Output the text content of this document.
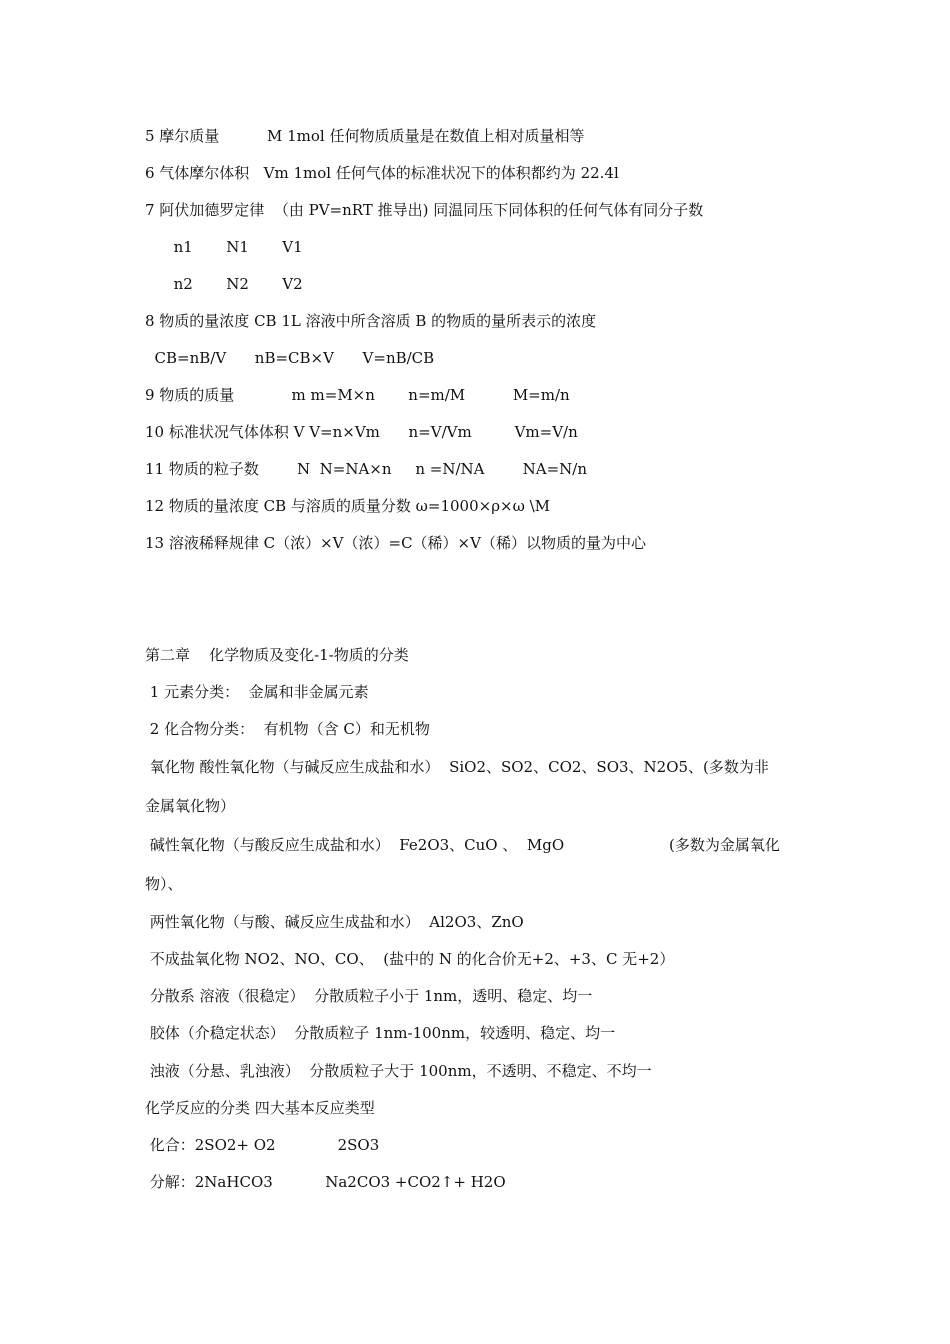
5 摩尔质量          M 1mol 任何物质质量是在数值上相对质量相等
6 气体摩尔体积   Vm 1mol 任何气体的标准状况下的体积都约为 22.4l
7 阿伏加德罗定律  （由 PV=nRT 推导出) 同温同压下同体积的任何气体有同分子数
n1       N1       V1
n2       N2       V2
8 物质的量浓度 CB 1L 溶液中所含溶质 B 的物质的量所表示的浓度
CB=nB/V      nB=CB×V      V=nB/CB
9 物质的质量            m m=M×n       n=m/M          M=m/n
10 标准状况气体体积 V V=n×Vm      n=V/Vm         Vm=V/n
11 物质的粒子数        N  N=NA×n     n =N/NA        NA=N/n
12 物质的量浓度 CB 与溶质的质量分数 ω=1000×ρ×ω \M
13 溶液稀释规律 C（浓）×V（浓）=C（稀）×V（稀）以物质的量为中心
第二章    化学物质及变化-1-物质的分类
1 元素分类：  金属和非金属元素
2 化合物分类：  有机物（含 C）和无机物
氧化物 酸性氧化物（与碱反应生成盐和水）  SiO2、SO2、CO2、SO3、N2O5、(多数为非
金属氧化物）
碱性氧化物（与酸反应生成盐和水）  Fe2O3、CuO 、  MgO                      (多数为金属氧化
物）、
两性氧化物（与酸、碱反应生成盐和水）  Al2O3、ZnO
不成盐氧化物 NO2、NO、CO、  (盐中的 N 的化合价无+2、+3、C 无+2）
分散系 溶液（很稳定）  分散质粒子小于 1nm，透明、稳定、均一
胶体（介稳定状态）  分散质粒子 1nm-100nm，较透明、稳定、均一
浊液（分悬、乳浊液）  分散质粒子大于 100nm，不透明、不稳定、不均一
化学反应的分类 四大基本反应类型
化合：2SO2+ O2             2SO3
分解：2NaHCO3           Na2CO3 +CO2↑+ H2O
